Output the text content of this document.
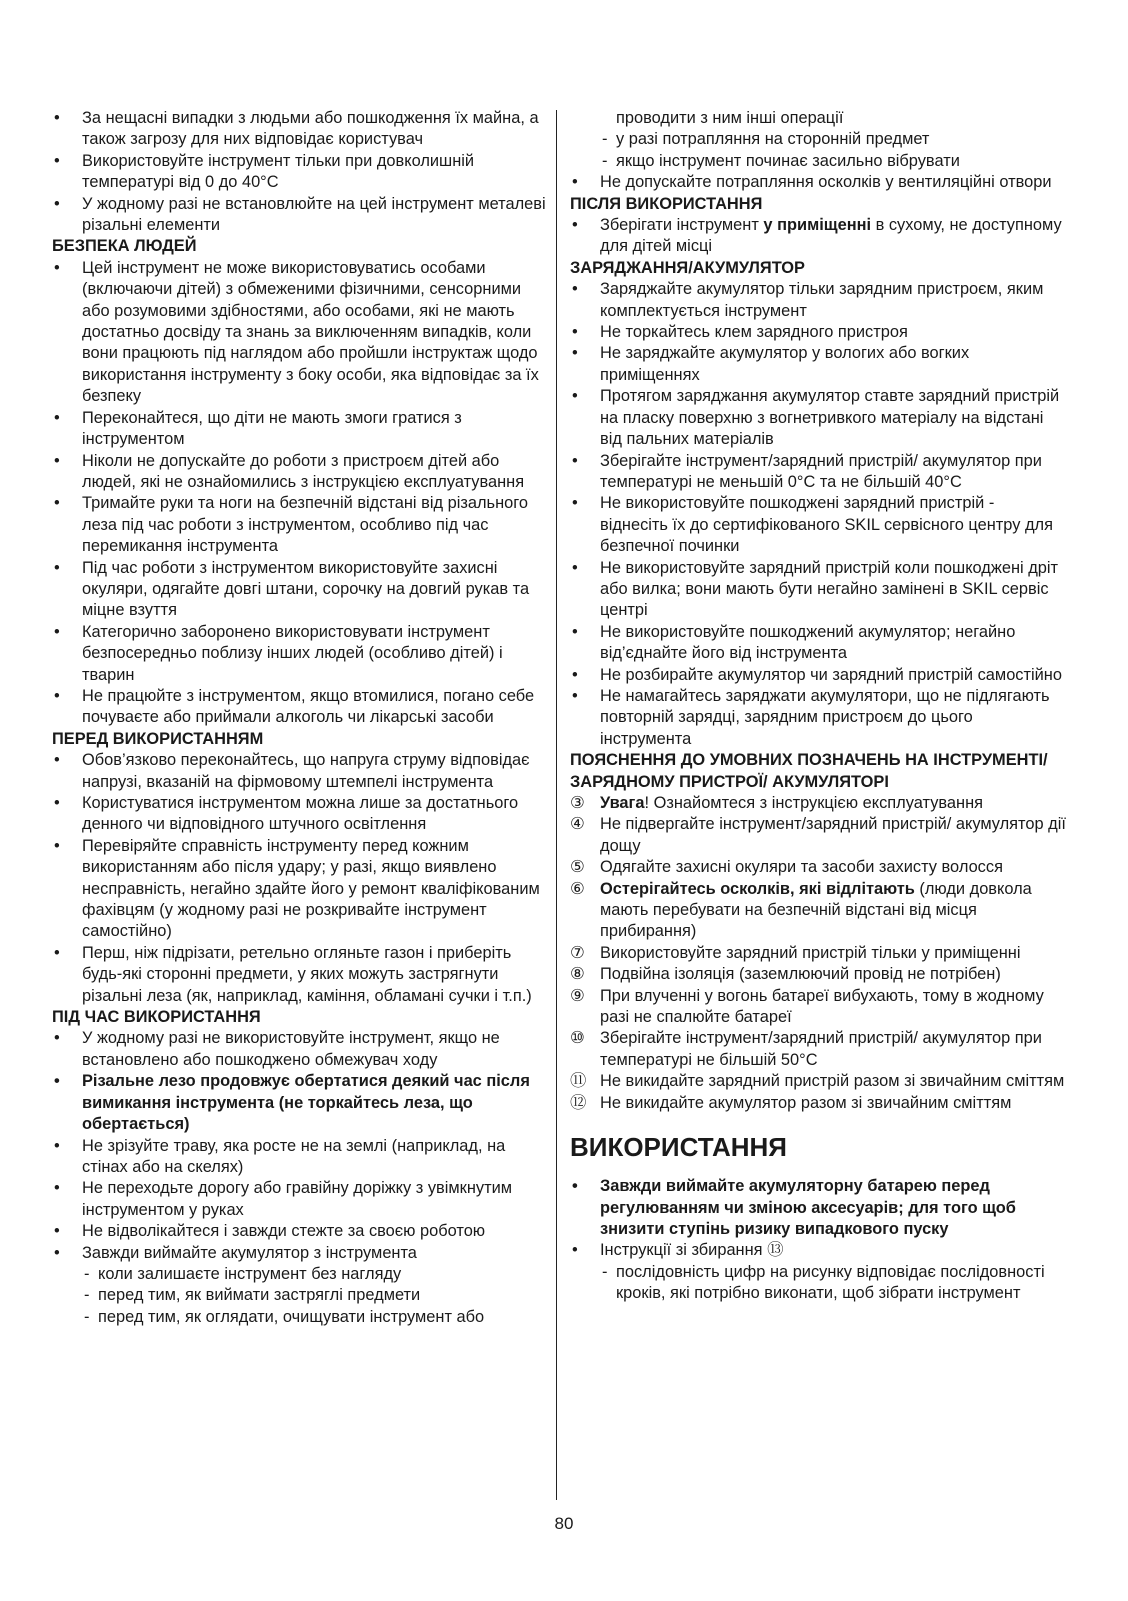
• За нещасні випадки з людьми або пошкодження їх майна, а також загрозу для них відповідає користувач
• Використовуйте інструмент тільки при довколишній температурі від 0 до 40°C
• У жодному разі не встановлюйте на цей інструмент металеві різальні елементи
БЕЗПЕКА ЛЮДЕЙ
• Цей інструмент не може використовуватись особами (включаючи дітей) з обмеженими фізичними, сенсорними або розумовими здібностями, або особами, які не мають достатньо досвіду та знань за виключенням випадків, коли вони працюють під наглядом або пройшли інструктаж щодо використання інструменту з боку особи, яка відповідає за їх безпеку
• Переконайтеся, що діти не мають змоги гратися з інструментом
• Ніколи не допускайте до роботи з пристроєм дітей або людей, які не ознайомились з інструкцією експлуатування
• Тримайте руки та ноги на безпечній відстані від різального леза під час роботи з інструментом, особливо під час перемикання інструмента
• Під час роботи з інструментом використовуйте захисні окуляри, одягайте довгі штани, сорочку на довгий рукав та міцне взуття
• Категорично заборонено використовувати інструмент безпосередньо поблизу інших людей (особливо дітей) і тварин
• Не працюйте з інструментом, якщо втомилися, погано себе почуваєте або приймали алкоголь чи лікарські засоби
ПЕРЕД ВИКОРИСТАННЯМ
• Обов’язково переконайтесь, що напруга струму відповідає напрузі, вказаній на фірмовому штемпелі інструмента
• Користуватися інструментом можна лише за достатнього денного чи відповідного штучного освітлення
• Перевіряйте справність інструменту перед кожним використанням або після удару; у разі, якщо виявлено несправність, негайно здайте його у ремонт кваліфікованим фахівцям (у жодному разі не розкривайте інструмент самостійно)
• Перш, ніж підрізати, ретельно огляньте газон і приберіть будь-які сторонні предмети, у яких можуть застрягнути різальні леза (як, наприклад, каміння, обламані сучки і т.п.)
ПІД ЧАС ВИКОРИСТАННЯ
• У жодному разі не використовуйте інструмент, якщо не встановлено або пошкоджено обмежувач ходу
• Різальне лезо продовжує обертатися деякий час після вимикання інструмента (не торкайтесь леза, що обертається)
• Не зрізуйте траву, яка росте не на землі (наприклад, на стінах або на скелях)
• Не переходьте дорогу або гравійну доріжку з увімкнутим інструментом у руках
• Не відволікайтеся і завжди стежте за своєю роботою
• Завжди виймайте акумулятор з інструмента
- коли залишаєте інструмент без нагляду
- перед тим, як виймати застряглі предмети
- перед тим, як оглядати, очищувати інструмент або
проводити з ним інші операції
- у разі потрапляння на сторонній предмет
- якщо інструмент починає засильно вібрувати
• Не допускайте потрапляння осколків у вентиляційні отвори
ПІСЛЯ ВИКОРИСТАННЯ
• Зберігати інструмент у приміщенні в сухому, не доступному для дітей місці
ЗАРЯДЖАННЯ/АКУМУЛЯТОР
• Заряджайте акумулятор тільки зарядним пристроєм, яким комплектується інструмент
• Не торкайтесь клем зарядного пристроя
• Не заряджайте акумулятор у вологих або вогких приміщеннях
• Протягом заряджання акумулятор ставте зарядний пристрій на пласку поверхню з вогнетривкого матеріалу на відстані від пальних матеріалів
• Зберігайте інструмент/зарядний пристрій/ акумулятор при температурі не меньшій 0°C та не більшій 40°C
• Не використовуйте пошкоджені зарядний пристрій - віднесіть їх до сертифікованого SKIL сервісного центру для безпечної починки
• Не використовуйте зарядний пристрій коли пошкоджені дріт або вилка; вони мають бути негайно замінені в SKIL сервіс центрі
• Не використовуйте пошкоджений акумулятор; негайно від’єднайте його від інструмента
• Не розбирайте акумулятор чи зарядний пристрій самостійно
• Не намагайтесь заряджати акумулятори, що не підлягають повторній зарядці, зарядним пристроєм до цього інструмента
ПОЯСНЕННЯ ДО УМОВНИХ ПОЗНАЧЕНЬ НА ІНСТРУМЕНТІ/ЗАРЯДНОМУ ПРИСТРОЇ/ АКУМУЛЯТОРІ
③ Увага! Ознайомтеся з інструкцією експлуатування
④ Не підвергайте інструмент/зарядний пристрій/ акумулятор дії дощу
⑤ Одягайте захисні окуляри та засоби захисту волосся
⑥ Остерігайтесь осколків, які відлітають (люди довкола мають перебувати на безпечній відстані від місця прибирання)
⑦ Використовуйте зарядний пристрій тільки у приміщенні
⑧ Подвійна ізоляція (заземлюючий провід не потрібен)
⑨ При влученні у вогонь батареї вибухають, тому в жодному разі не спалюйте батареї
⑩ Зберігайте інструмент/зарядний пристрій/ акумулятор при температурі не більшій 50°C
⑪ Не викидайте зарядний пристрій разом зі звичайним сміттям
⑫ Не викидайте акумулятор разом зі звичайним сміттям
ВИКОРИСТАННЯ
• Завжди виймайте акумуляторну батарею перед регулюванням чи зміною аксесуарів; для того щоб знизити ступінь ризику випадкового пуску
• Інструкції зі збирання ⑬
- послідовність цифр на рисунку відповідає послідовності кроків, які потрібно виконати, щоб зібрати інструмент
80
